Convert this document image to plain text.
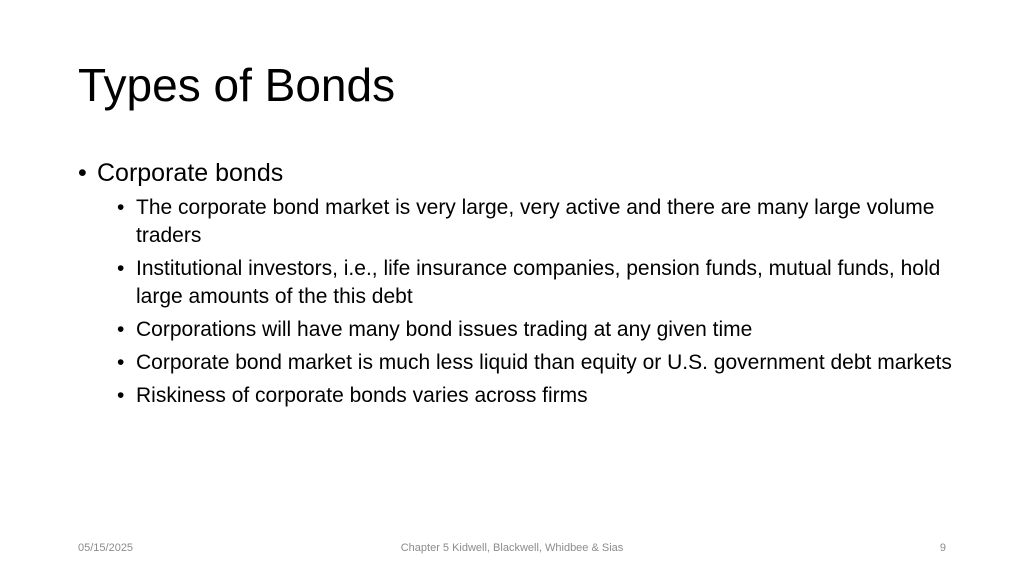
Types of Bonds
• Corporate bonds
• The corporate bond market is very large, very active and there are many large volume traders
• Institutional investors, i.e., life insurance companies, pension funds, mutual funds, hold large amounts of the this debt
• Corporations will have many bond issues trading at any given time
• Corporate bond market is much less liquid than equity or U.S. government debt markets
• Riskiness of corporate bonds varies across firms
05/15/2025	Chapter 5 Kidwell, Blackwell, Whidbee & Sias	9
